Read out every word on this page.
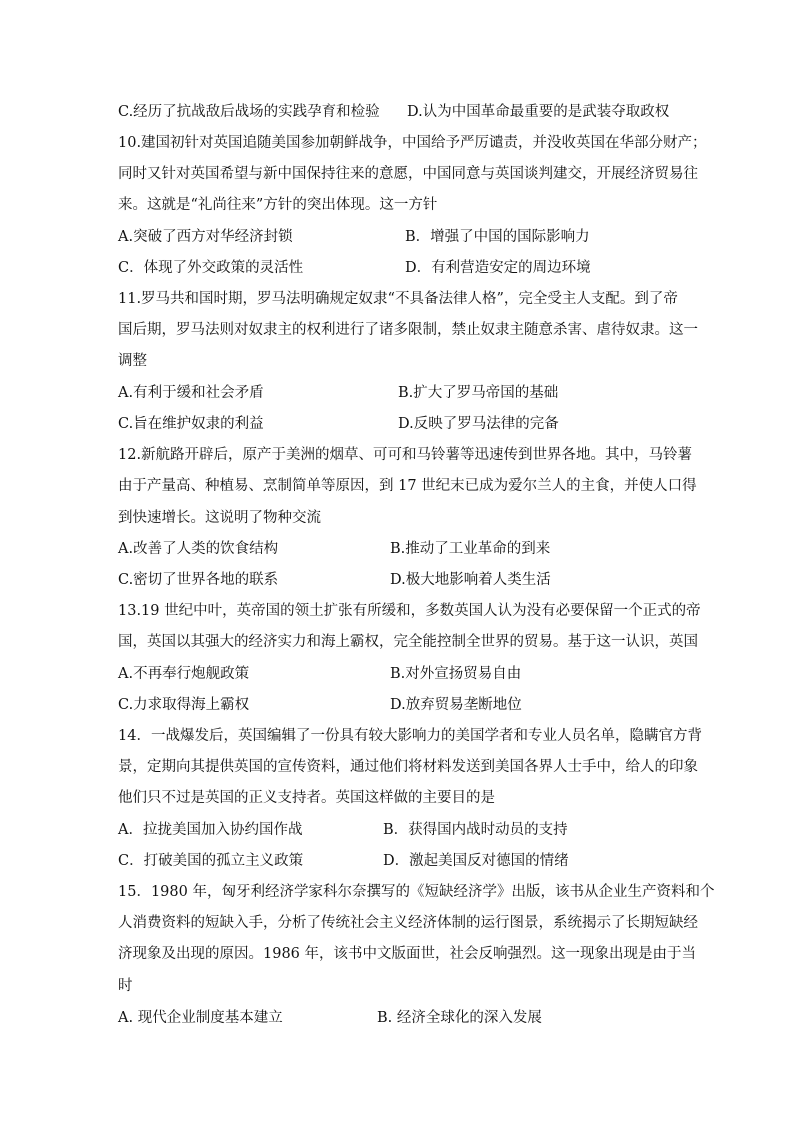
C.经历了抗战敌后战场的实践孕育和检验 D.认为中国革命最重要的是武装夺取政权
10.建国初针对英国追随美国参加朝鲜战争，中国给予严厉谴责，并没收英国在华部分财产；
同时又针对英国希望与新中国保持往来的意愿，中国同意与英国谈判建交，开展经济贸易往
来。这就是“礼尚往来”方针的突出体现。这一方针
A.突破了西方对华经济封锁	B．增强了中国的国际影响力
C．体现了外交政策的灵活性	D．有利营造安定的周边环境
11.罗马共和国时期，罗马法明确规定奴隶“不具备法律人格”，完全受主人支配。到了帝
国后期，罗马法则对奴隶主的权利进行了诸多限制，禁止奴隶主随意杀害、虐待奴隶。这一
调整
A.有利于缓和社会矛盾	B.扩大了罗马帝国的基础
C.旨在维护奴隶的利益	D.反映了罗马法律的完备
12.新航路开辟后，原产于美洲的烟草、可可和马铃薯等迅速传到世界各地。其中，马铃薯
由于产量高、种植易、烹制简单等原因，到 17 世纪末已成为爱尔兰人的主食，并使人口得
到快速增长。这说明了物种交流
A.改善了人类的饮食结构	B.推动了工业革命的到来
C.密切了世界各地的联系	D.极大地影响着人类生活
13.19 世纪中叶，英帝国的领土扩张有所缓和，多数英国人认为没有必要保留一个正式的帝
国，英国以其强大的经济实力和海上霸权，完全能控制全世界的贸易。基于这一认识，英国
A.不再奉行炮舰政策	B.对外宣扬贸易自由
C.力求取得海上霸权	D.放弃贸易垄断地位
14．一战爆发后，英国编辑了一份具有较大影响力的美国学者和专业人员名单，隐瞒官方背
景，定期向其提供英国的宣传资料，通过他们将材料发送到美国各界人士手中，给人的印象
他们只不过是英国的正义支持者。英国这样做的主要目的是
A．拉拢美国加入协约国作战	B．获得国内战时动员的支持
C．打破美国的孤立主义政策	D．激起美国反对德国的情绪
15．1980 年，匈牙利经济学家科尔奈撰写的《短缺经济学》出版，该书从企业生产资料和个
人消费资料的短缺入手，分析了传统社会主义经济体制的运行图景，系统揭示了长期短缺经
济现象及出现的原因。1986 年，该书中文版面世，社会反响强烈。这一现象出现是由于当
时
A. 现代企业制度基本建立	B. 经济全球化的深入发展
